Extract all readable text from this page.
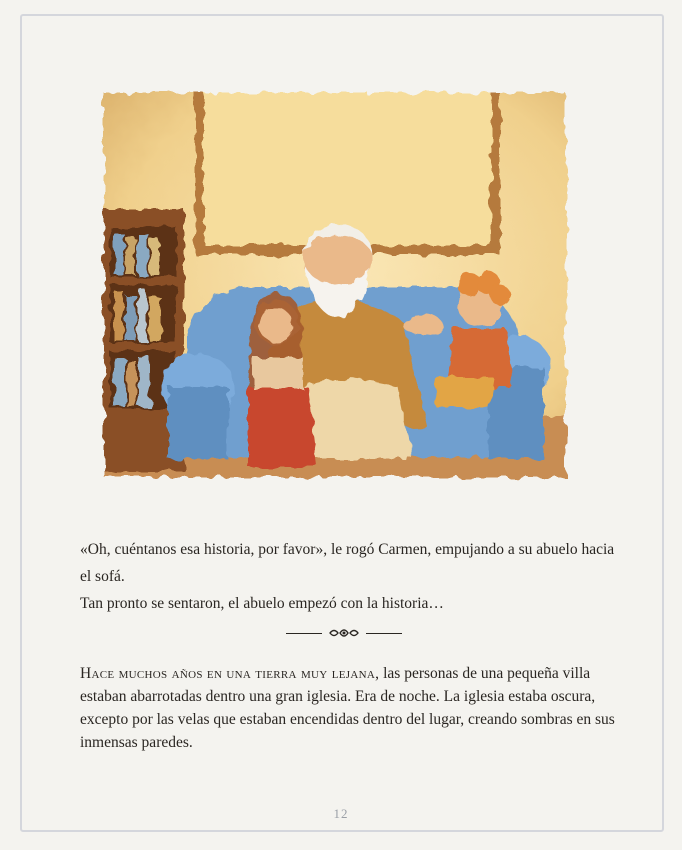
«Oh, cuéntanos esa historia, por favor», le rogó Carmen, empujando a su abuelo hacia el sofá.

Tan pronto se sentaron, el abuelo empezó con la historia…

Hace muchos años en una tierra muy lejana, las personas de una pequeña villa estaban abarrotadas dentro una gran iglesia. Era de noche. La iglesia estaba oscura, excepto por las velas que estaban encendidas dentro del lugar, creando sombras en sus inmensas paredes.
12
